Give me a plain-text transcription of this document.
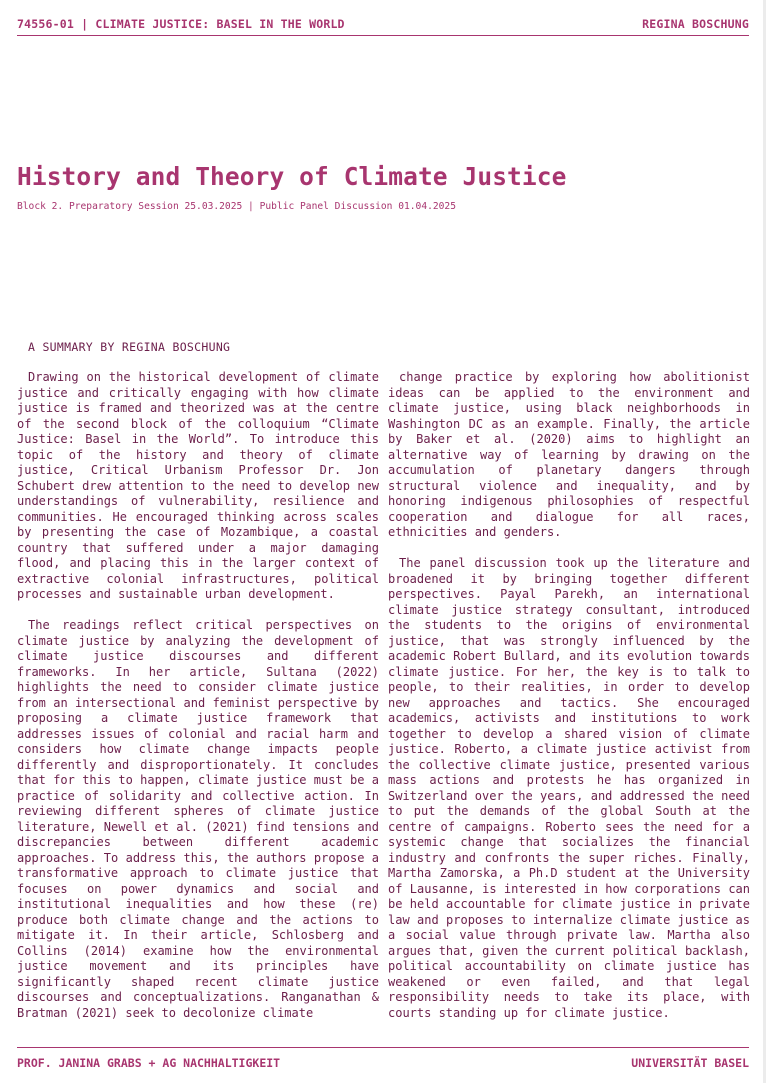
74556-01 | CLIMATE JUSTICE: BASEL IN THE WORLD	REGINA BOSCHUNG
History and Theory of Climate Justice
Block 2. Preparatory Session 25.03.2025 | Public Panel Discussion 01.04.2025
A SUMMARY BY REGINA BOSCHUNG

Drawing on the historical development of climate justice and critically engaging with how climate justice is framed and theorized was at the centre of the second block of the colloquium “Climate Justice: Basel in the World”. To introduce this topic of the history and theory of climate justice, Critical Urbanism Professor Dr. Jon Schubert drew attention to the need to develop new understandings of vulnerability, resilience and communities. He encouraged thinking across scales by presenting the case of Mozambique, a coastal country that suffered under a major damaging flood, and placing this in the larger context of extractive colonial infrastructures, political processes and sustainable urban development.

The readings reflect critical perspectives on climate justice by analyzing the development of climate justice discourses and different frameworks. In her article, Sultana (2022) highlights the need to consider climate justice from an intersectional and feminist perspective by proposing a climate justice framework that addresses issues of colonial and racial harm and considers how climate change impacts people differently and disproportionately. It concludes that for this to happen, climate justice must be a practice of solidarity and collective action. In reviewing different spheres of climate justice literature, Newell et al. (2021) find tensions and discrepancies between different academic approaches. To address this, the authors propose a transformative approach to climate justice that focuses on power dynamics and social and institutional inequalities and how these (re) produce both climate change and the actions to mitigate it. In their article, Schlosberg and Collins (2014) examine how the environmental justice movement and its principles have significantly shaped recent climate justice discourses and conceptualizations. Ranganathan & Bratman (2021) seek to decolonize climate

change practice by exploring how abolitionist ideas can be applied to the environment and climate justice, using black neighborhoods in Washington DC as an example. Finally, the article by Baker et al. (2020) aims to highlight an alternative way of learning by drawing on the accumulation of planetary dangers through structural violence and inequality, and by honoring indigenous philosophies of respectful cooperation and dialogue for all races, ethnicities and genders.

The panel discussion took up the literature and broadened it by bringing together different perspectives. Payal Parekh, an international climate justice strategy consultant, introduced the students to the origins of environmental justice, that was strongly influenced by the academic Robert Bullard, and its evolution towards climate justice. For her, the key is to talk to people, to their realities, in order to develop new approaches and tactics. She encouraged academics, activists and institutions to work together to develop a shared vision of climate justice. Roberto, a climate justice activist from the collective climate justice, presented various mass actions and protests he has organized in Switzerland over the years, and addressed the need to put the demands of the global South at the centre of campaigns. Roberto sees the need for a systemic change that socializes the financial industry and confronts the super riches. Finally, Martha Zamorska, a Ph.D student at the University of Lausanne, is interested in how corporations can be held accountable for climate justice in private law and proposes to internalize climate justice as a social value through private law. Martha also argues that, given the current political backlash, political accountability on climate justice has weakened or even failed, and that legal responsibility needs to take its place, with courts standing up for climate justice.

PROF. JANINA GRABS + AG NACHHALTIGKEIT	UNIVERSITÄT BASEL
